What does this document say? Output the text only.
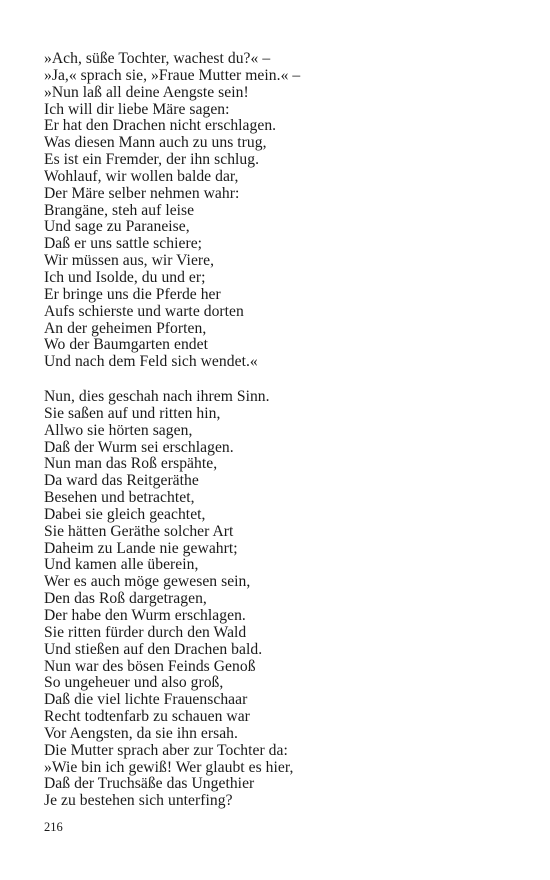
»Ach, süße Tochter, wachest du?« –
»Ja,« sprach sie, »Fraue Mutter mein.« –
»Nun laß all deine Aengste sein!
Ich will dir liebe Märe sagen:
Er hat den Drachen nicht erschlagen.
Was diesen Mann auch zu uns trug,
Es ist ein Fremder, der ihn schlug.
Wohlauf, wir wollen balde dar,
Der Märe selber nehmen wahr:
Brangäne, steh auf leise
Und sage zu Paraneise,
Daß er uns sattle schiere;
Wir müssen aus, wir Viere,
Ich und Isolde, du und er;
Er bringe uns die Pferde her
Aufs schierste und warte dorten
An der geheimen Pforten,
Wo der Baumgarten endet
Und nach dem Feld sich wendet.«
Nun, dies geschah nach ihrem Sinn.
Sie saßen auf und ritten hin,
Allwo sie hörten sagen,
Daß der Wurm sei erschlagen.
Nun man das Roß erspähte,
Da ward das Reitgeräthe
Besehen und betrachtet,
Dabei sie gleich geachtet,
Sie hätten Geräthe solcher Art
Daheim zu Lande nie gewahrt;
Und kamen alle überein,
Wer es auch möge gewesen sein,
Den das Roß dargetragen,
Der habe den Wurm erschlagen.
Sie ritten fürder durch den Wald
Und stießen auf den Drachen bald.
Nun war des bösen Feinds Genoß
So ungeheuer und also groß,
Daß die viel lichte Frauenschaar
Recht todtenfarb zu schauen war
Vor Aengsten, da sie ihn ersah.
Die Mutter sprach aber zur Tochter da:
»Wie bin ich gewiß! Wer glaubt es hier,
Daß der Truchsäße das Ungethier
Je zu bestehen sich unterfing?
216
